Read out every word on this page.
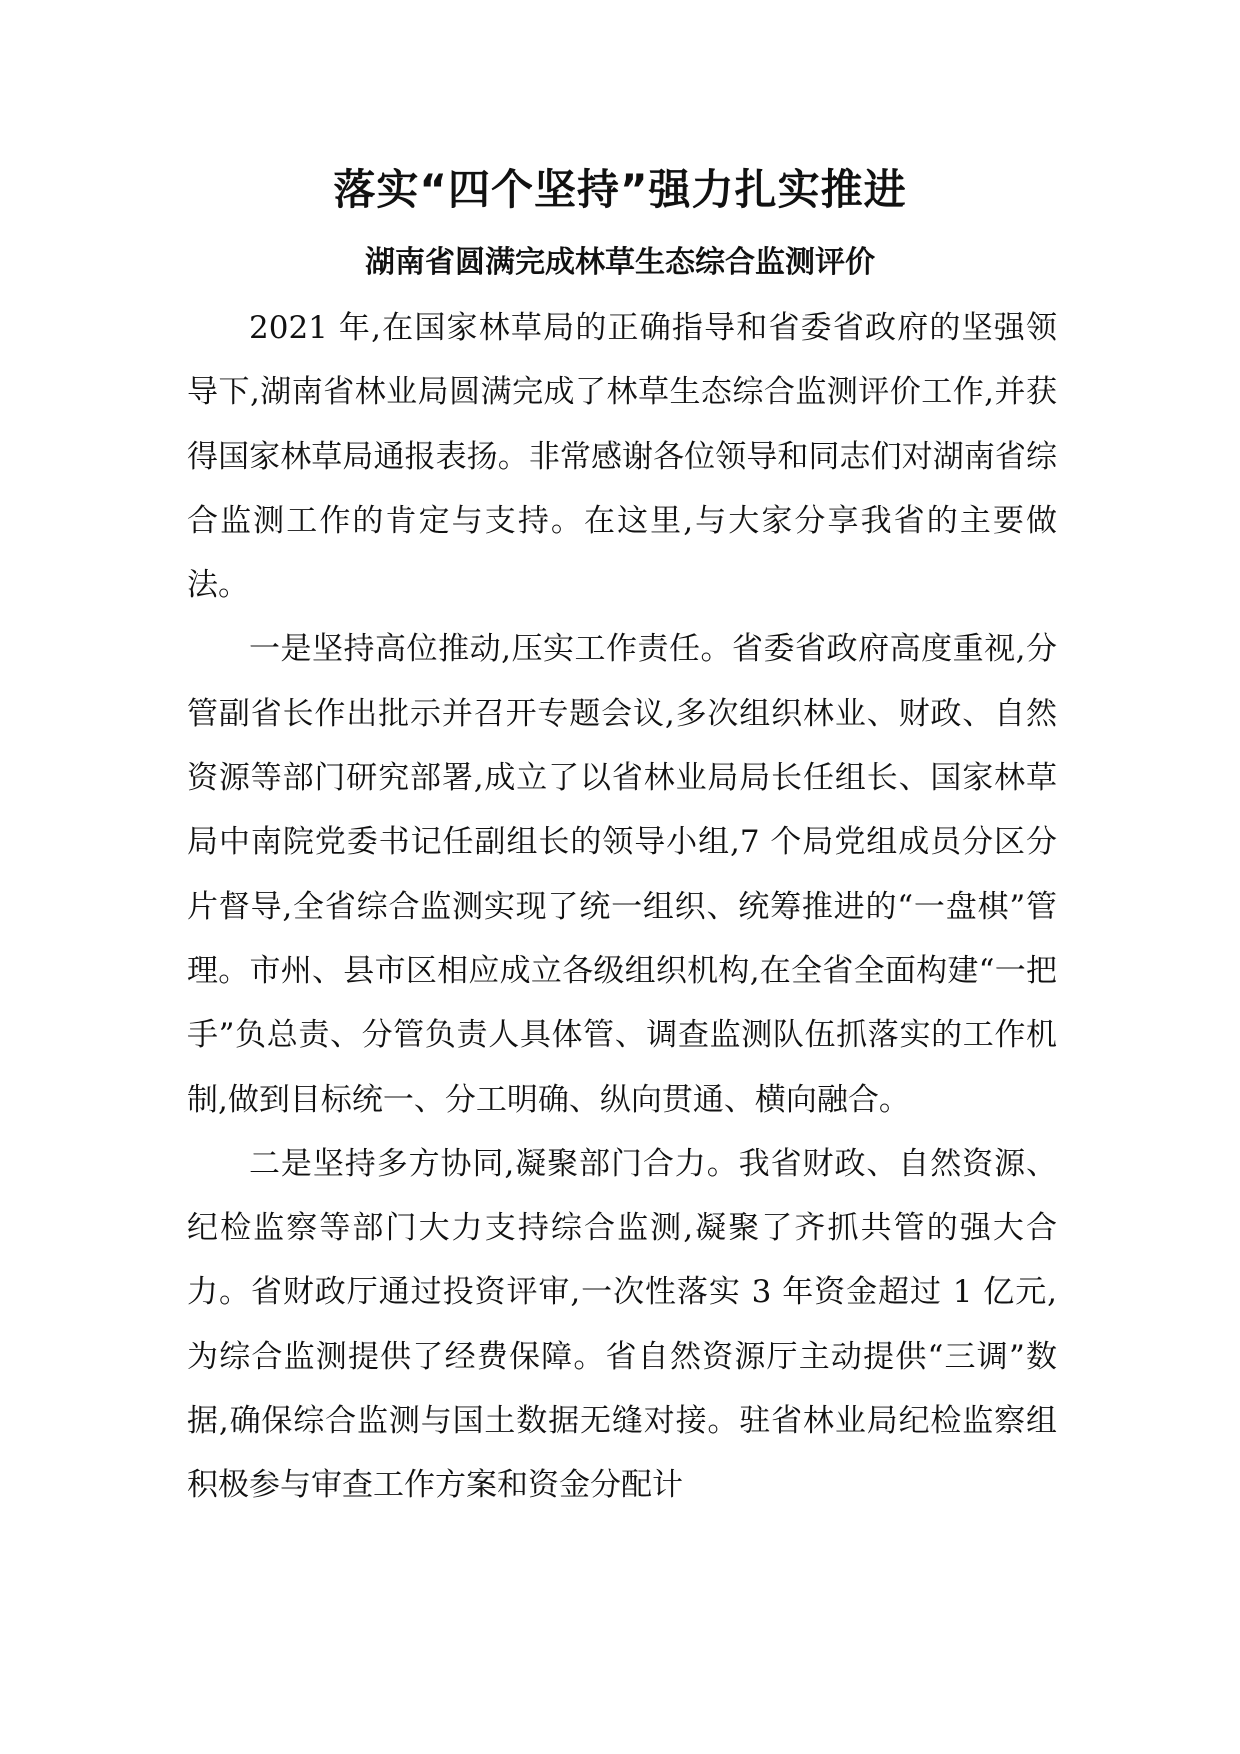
落实“四个坚持”强力扎实推进
湖南省圆满完成林草生态综合监测评价

2021 年,在国家林草局的正确指导和省委省政府的坚强领导下,湖南省林业局圆满完成了林草生态综合监测评价工作,并获得国家林草局通报表扬。非常感谢各位领导和同志们对湖南省综合监测工作的肯定与支持。在这里,与大家分享我省的主要做法。

一是坚持高位推动,压实工作责任。省委省政府高度重视,分管副省长作出批示并召开专题会议,多次组织林业、财政、自然资源等部门研究部署,成立了以省林业局局长任组长、国家林草局中南院党委书记任副组长的领导小组,7 个局党组成员分区分片督导,全省综合监测实现了统一组织、统筹推进的“一盘棋”管理。市州、县市区相应成立各级组织机构,在全省全面构建“一把手”负总责、分管负责人具体管、调查监测队伍抓落实的工作机制,做到目标统一、分工明确、纵向贯通、横向融合。

二是坚持多方协同,凝聚部门合力。我省财政、自然资源、纪检监察等部门大力支持综合监测,凝聚了齐抓共管的强大合力。省财政厅通过投资评审,一次性落实 3 年资金超过 1 亿元,为综合监测提供了经费保障。省自然资源厅主动提供“三调”数据,确保综合监测与国土数据无缝对接。驻省林业局纪检监察组积极参与审查工作方案和资金分配计
